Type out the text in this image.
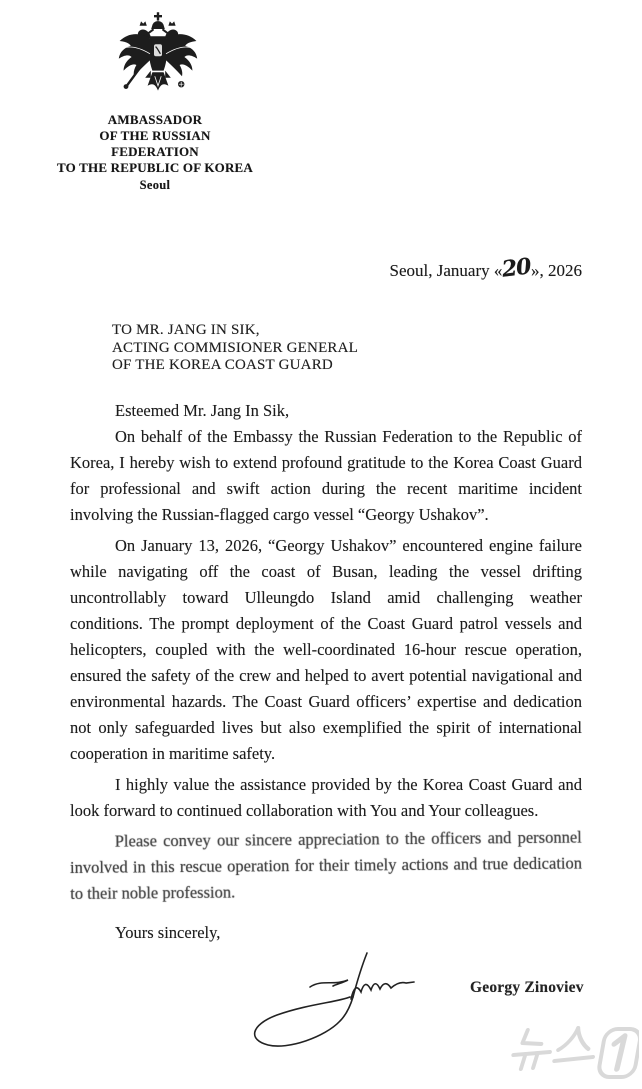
AMBASSADOR
OF THE RUSSIAN FEDERATION
TO THE REPUBLIC OF KOREA
Seoul
Seoul, January «20», 2026
TO MR. JANG IN SIK,
ACTING COMMISIONER GENERAL
OF THE KOREA COAST GUARD

Esteemed Mr. Jang In Sik,

On behalf of the Embassy the Russian Federation to the Republic of Korea, I hereby wish to extend profound gratitude to the Korea Coast Guard for professional and swift action during the recent maritime incident involving the Russian-flagged cargo vessel “Georgy Ushakov”.

On January 13, 2026, “Georgy Ushakov” encountered engine failure while navigating off the coast of Busan, leading the vessel drifting uncontrollably toward Ulleungdo Island amid challenging weather conditions. The prompt deployment of the Coast Guard patrol vessels and helicopters, coupled with the well-coordinated 16-hour rescue operation, ensured the safety of the crew and helped to avert potential navigational and environmental hazards. The Coast Guard officers’ expertise and dedication not only safeguarded lives but also exemplified the spirit of international cooperation in maritime safety.

I highly value the assistance provided by the Korea Coast Guard and look forward to continued collaboration with You and Your colleagues.

Please convey our sincere appreciation to the officers and personnel involved in this rescue operation for their timely actions and true dedication to their noble profession.

Yours sincerely,

Georgy Zinoviev
